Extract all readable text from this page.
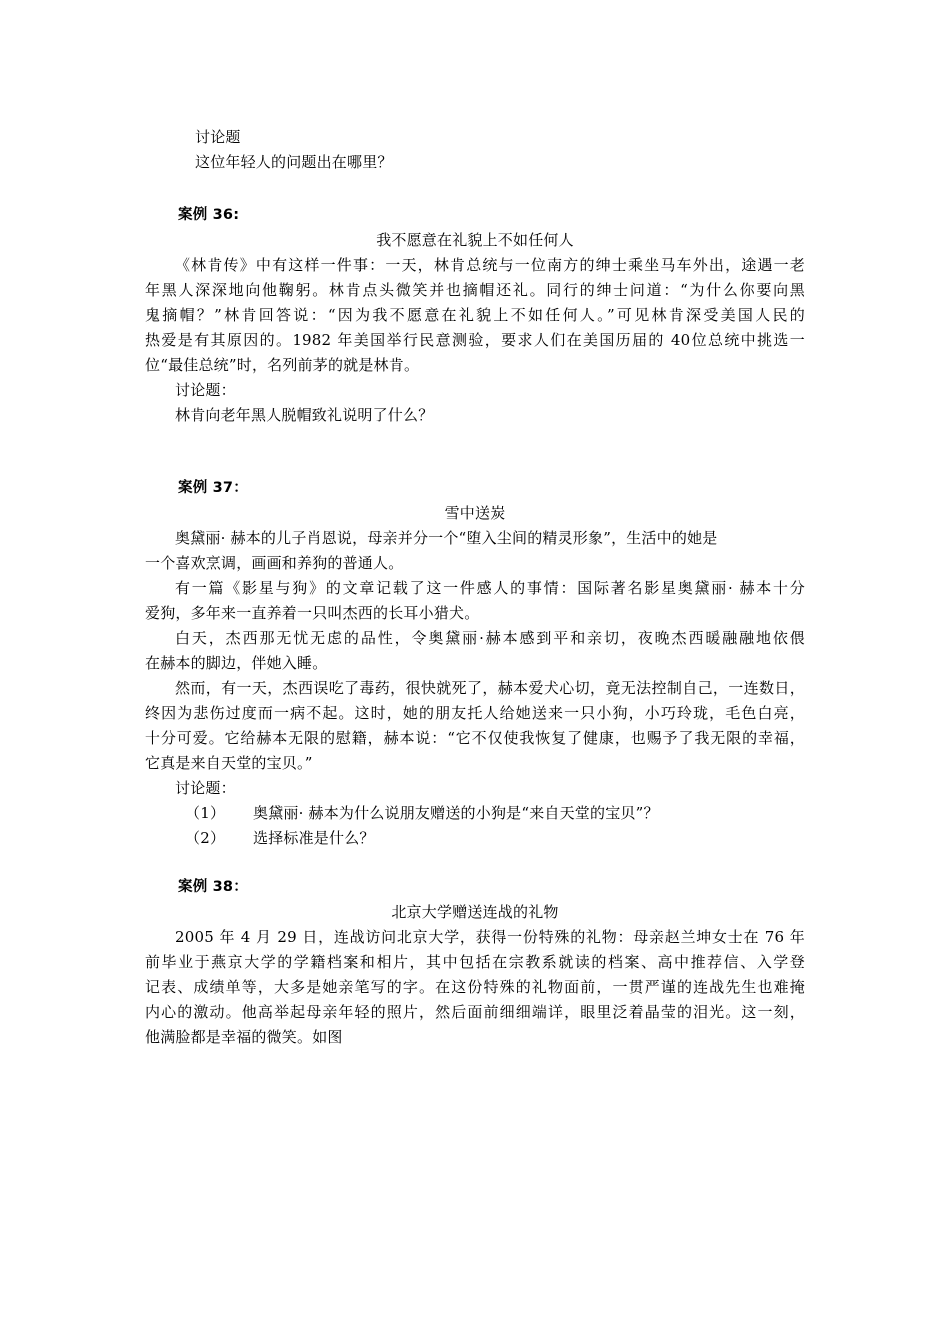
讨论题
这位年轻人的问题出在哪里？
案例 36:
我不愿意在礼貌上不如任何人
《林肯传》中有这样一件事：一天，林肯总统与一位南方的绅士乘坐马车外出，途遇一老
年黑人深深地向他鞠躬。林肯点头微笑并也摘帽还礼。同行的绅士问道：“为什么你要向黑
鬼摘帽？”林肯回答说：“因为我不愿意在礼貌上不如任何人。”可见林肯深受美国人民的
热爱是有其原因的。1982 年美国举行民意测验，要求人们在美国历届的 40位总统中挑选一
位“最佳总统”时，名列前茅的就是林肯。
讨论题：
林肯向老年黑人脱帽致礼说明了什么？
案例 37：
雪中送炭
奥黛丽· 赫本的儿子肖恩说，母亲并分一个“堕入尘间的精灵形象”，生活中的她是
一个喜欢烹调，画画和养狗的普通人。
有一篇《影星与狗》的文章记载了这一件感人的事情：国际著名影星奥黛丽· 赫本十分
爱狗，多年来一直养着一只叫杰西的长耳小猎犬。
白天，杰西那无忧无虑的品性，令奥黛丽·赫本感到平和亲切，夜晚杰西暖融融地依偎
在赫本的脚边，伴她入睡。
然而，有一天，杰西误吃了毒药，很快就死了，赫本爱犬心切，竟无法控制自己，一连数日，
终因为悲伤过度而一病不起。这时，她的朋友托人给她送来一只小狗，小巧玲珑，毛色白亮，
十分可爱。它给赫本无限的慰籍，赫本说：“它不仅使我恢复了健康，也赐予了我无限的幸福，
它真是来自天堂的宝贝。”
讨论题：
（1） 奥黛丽· 赫本为什么说朋友赠送的小狗是“来自天堂的宝贝”？
（2） 选择标准是什么？
案例 38：
北京大学赠送连战的礼物
2005 年 4 月 29 日，连战访问北京大学，获得一份特殊的礼物：母亲赵兰坤女士在 76 年
前毕业于燕京大学的学籍档案和相片，其中包括在宗教系就读的档案、高中推荐信、入学登
记表、成绩单等，大多是她亲笔写的字。在这份特殊的礼物面前，一贯严谨的连战先生也难掩
内心的激动。他高举起母亲年轻的照片，然后面前细细端详，眼里泛着晶莹的泪光。这一刻，
他满脸都是幸福的微笑。如图
